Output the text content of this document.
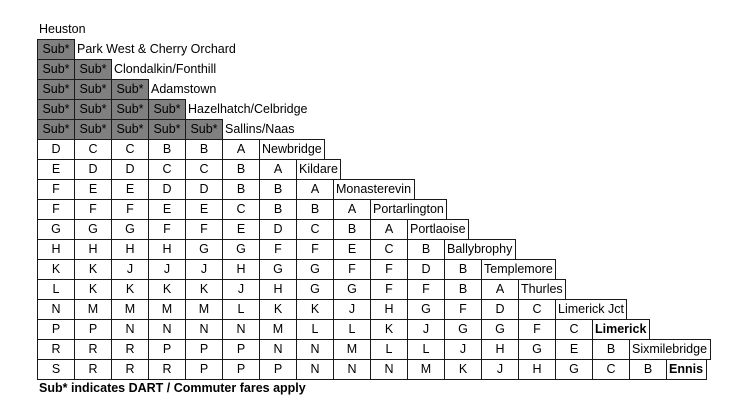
Heuston
Sub* Park West & Cherry Orchard
Sub* Sub* Clondalkin/Fonthill
Sub* Sub* Sub* Adamstown
Sub* Sub* Sub* Sub* Hazelhatch/Celbridge
Sub* Sub* Sub* Sub* Sub* Sallins/Naas
D	C	C	B	B	A	Newbridge
E	D	D	C	C	B	A	Kildare
F	E	E	D	D	B	B	A	Monasterevin
F	F	F	E	E	C	B	B	A	Portarlington
G	G	G	F	F	E	D	C	B	A	Portlaoise
H	H	H	H	G	G	F	F	E	C	B	Ballybrophy
K	K	J	J	J	H	G	G	F	F	D	B	Templemore
L	K	K	K	K	J	H	G	G	F	F	B	A	Thurles
N	M	M	M	M	L	K	K	J	H	G	F	D	C	Limerick Jct
P	P	N	N	N	N	M	L	L	K	J	G	G	F	C	Limerick
R	R	R	P	P	P	N	N	M	L	L	J	H	G	E	B	Sixmilebridge
S	R	R	R	P	P	P	N	N	N	M	K	J	H	G	C	B	Ennis
Sub* indicates DART / Commuter fares apply
